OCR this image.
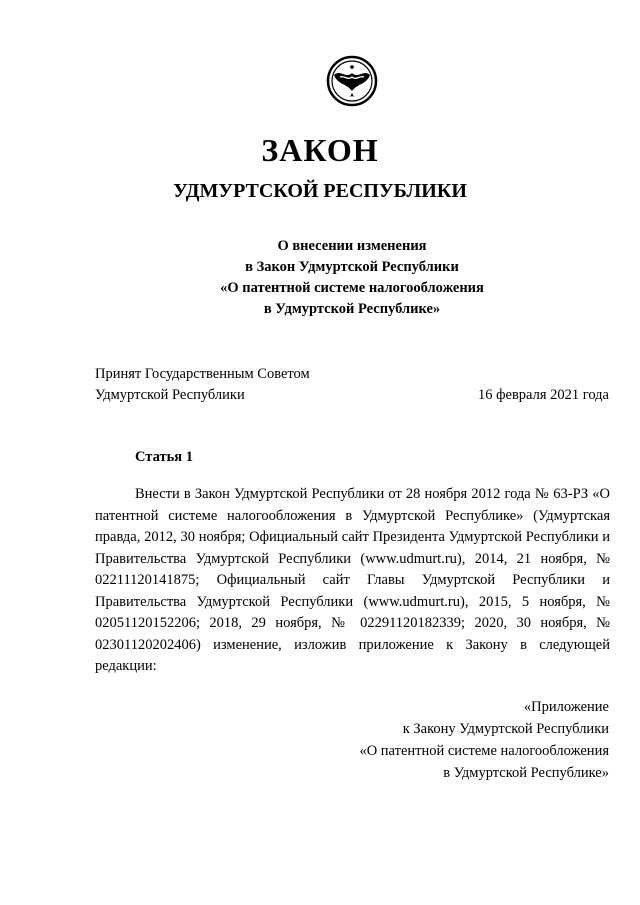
ЗАКОН
УДМУРТСКОЙ РЕСПУБЛИКИ
О внесении изменения
в Закон Удмуртской Республики
«О патентной системе налогообложения
в Удмуртской Республике»
Принят Государственным Советом
Удмуртской Республики	16 февраля 2021 года
Статья 1

Внести в Закон Удмуртской Республики от 28 ноября 2012 года № 63-РЗ «О патентной системе налогообложения в Удмуртской Республике» (Удмуртская правда, 2012, 30 ноября; Официальный сайт Президента Удмуртской Республики и Правительства Удмуртской Республики (www.udmurt.ru), 2014, 21 ноября, № 02211120141875; Официальный сайт Главы Удмуртской Республики и Правительства Удмуртской Республики (www.udmurt.ru), 2015, 5 ноября, № 02051120152206; 2018, 29 ноября, № 02291120182339; 2020, 30 ноября, № 02301120202406) изменение, изложив приложение к Закону в следующей редакции:

«Приложение
к Закону Удмуртской Республики
«О патентной системе налогообложения
в Удмуртской Республике»
